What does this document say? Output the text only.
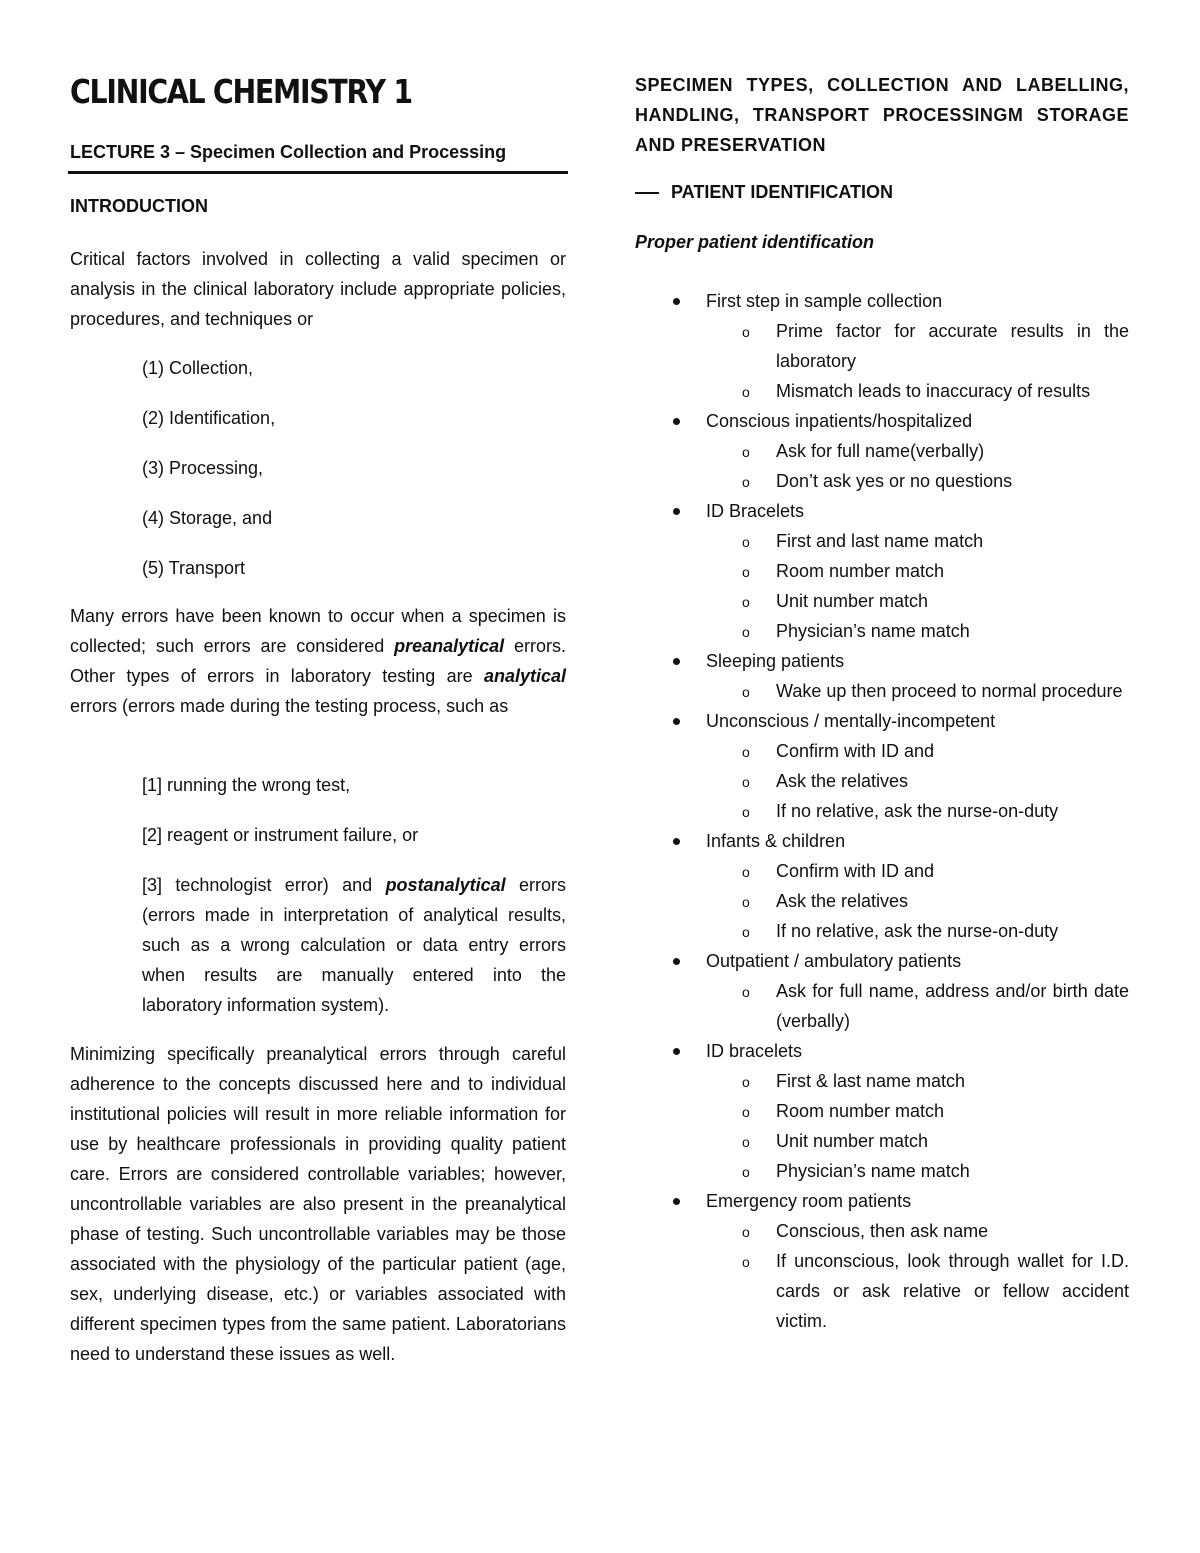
CLINICAL CHEMISTRY 1

LECTURE 3 – Specimen Collection and Processing

INTRODUCTION

Critical factors involved in collecting a valid specimen or analysis in the clinical laboratory include appropriate policies, procedures, and techniques or

(1) Collection,
(2) Identification,
(3) Processing,
(4) Storage, and
(5) Transport

Many errors have been known to occur when a specimen is collected; such errors are considered preanalytical errors. Other types of errors in laboratory testing are analytical errors (errors made during the testing process, such as

[1] running the wrong test,
[2] reagent or instrument failure, or
[3] technologist error) and postanalytical errors (errors made in interpretation of analytical results, such as a wrong calculation or data entry errors when results are manually entered into the laboratory information system).

Minimizing specifically preanalytical errors through careful adherence to the concepts discussed here and to individual institutional policies will result in more reliable information for use by healthcare professionals in providing quality patient care. Errors are considered controllable variables; however, uncontrollable variables are also present in the preanalytical phase of testing. Such uncontrollable variables may be those associated with the physiology of the particular patient (age, sex, underlying disease, etc.) or variables associated with different specimen types from the same patient. Laboratorians need to understand these issues as well.

SPECIMEN TYPES, COLLECTION AND LABELLING, HANDLING, TRANSPORT PROCESSINGM STORAGE AND PRESERVATION

PATIENT IDENTIFICATION

Proper patient identification

First step in sample collection
o Prime factor for accurate results in the laboratory
o Mismatch leads to inaccuracy of results
Conscious inpatients/hospitalized
o Ask for full name(verbally)
o Don’t ask yes or no questions
ID Bracelets
o First and last name match
o Room number match
o Unit number match
o Physician’s name match
Sleeping patients
o Wake up then proceed to normal procedure
Unconscious / mentally-incompetent
o Confirm with ID and
o Ask the relatives
o If no relative, ask the nurse-on-duty
Infants & children
o Confirm with ID and
o Ask the relatives
o If no relative, ask the nurse-on-duty
Outpatient / ambulatory patients
o Ask for full name, address and/or birth date (verbally)
ID bracelets
o First & last name match
o Room number match
o Unit number match
o Physician’s name match
Emergency room patients
o Conscious, then ask name
o If unconscious, look through wallet for I.D. cards or ask relative or fellow accident victim.
